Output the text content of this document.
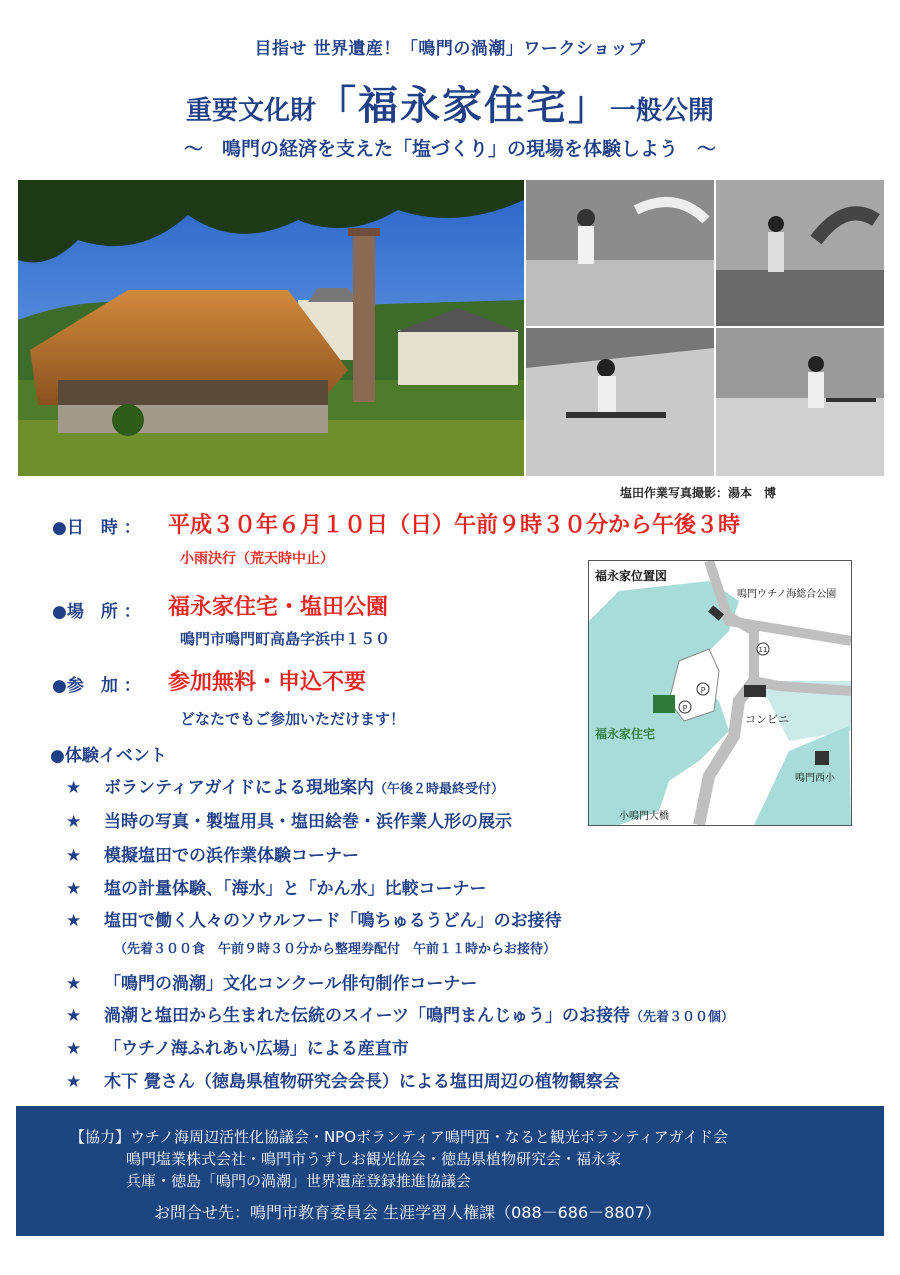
目指せ 世界遺産！「鳴門の渦潮」ワークショップ
重要文化財「福永家住宅」一般公開
～　鳴門の経済を支えた「塩づくり」の現場を体験しよう　～
塩田作業写真撮影：湯本　博
●日　時 ： 平成３０年６月１０日（日）午前９時３０分から午後３時
小雨決行（荒天時中止）
●場　所 ： 福永家住宅・塩田公園
鳴門市鳴門町高島字浜中１５０
●参　加 ： 参加無料・申込不要
どなたでもご参加いただけます！
●体験イベント
★ ボランティアガイドによる現地案内（午後２時最終受付）
★ 当時の写真・製塩用具・塩田絵巻・浜作業人形の展示
★ 模擬塩田での浜作業体験コーナー
★ 塩の計量体験、「海水」と「かん水」比較コーナー
★ 塩田で働く人々のソウルフード「鳴ちゅるうどん」のお接待
（先着３００食　午前９時３０分から整理券配付　午前１１時からお接待）
★ 「鳴門の渦潮」文化コンクール俳句制作コーナー
★ 渦潮と塩田から生まれた伝統のスイーツ「鳴門まんじゅう」のお接待（先着３００個）
★ 「ウチノ海ふれあい広場」による産直市
★ 木下 覺さん（徳島県植物研究会会長）による塩田周辺の植物観察会
P
P
11
福永家位置図
鳴門ウチノ海総合公園
福永家住宅
コンビニ
鳴門西小
小鳴門大橋
【協力】ウチノ海周辺活性化協議会・NPOボランティア鳴門西・なると観光ボランティアガイド会
鳴門塩業株式会社・鳴門市うずしお観光協会・徳島県植物研究会・福永家
兵庫・徳島「鳴門の渦潮」世界遺産登録推進協議会
お問合せ先：鳴門市教育委員会 生涯学習人権課（088－686－8807）
